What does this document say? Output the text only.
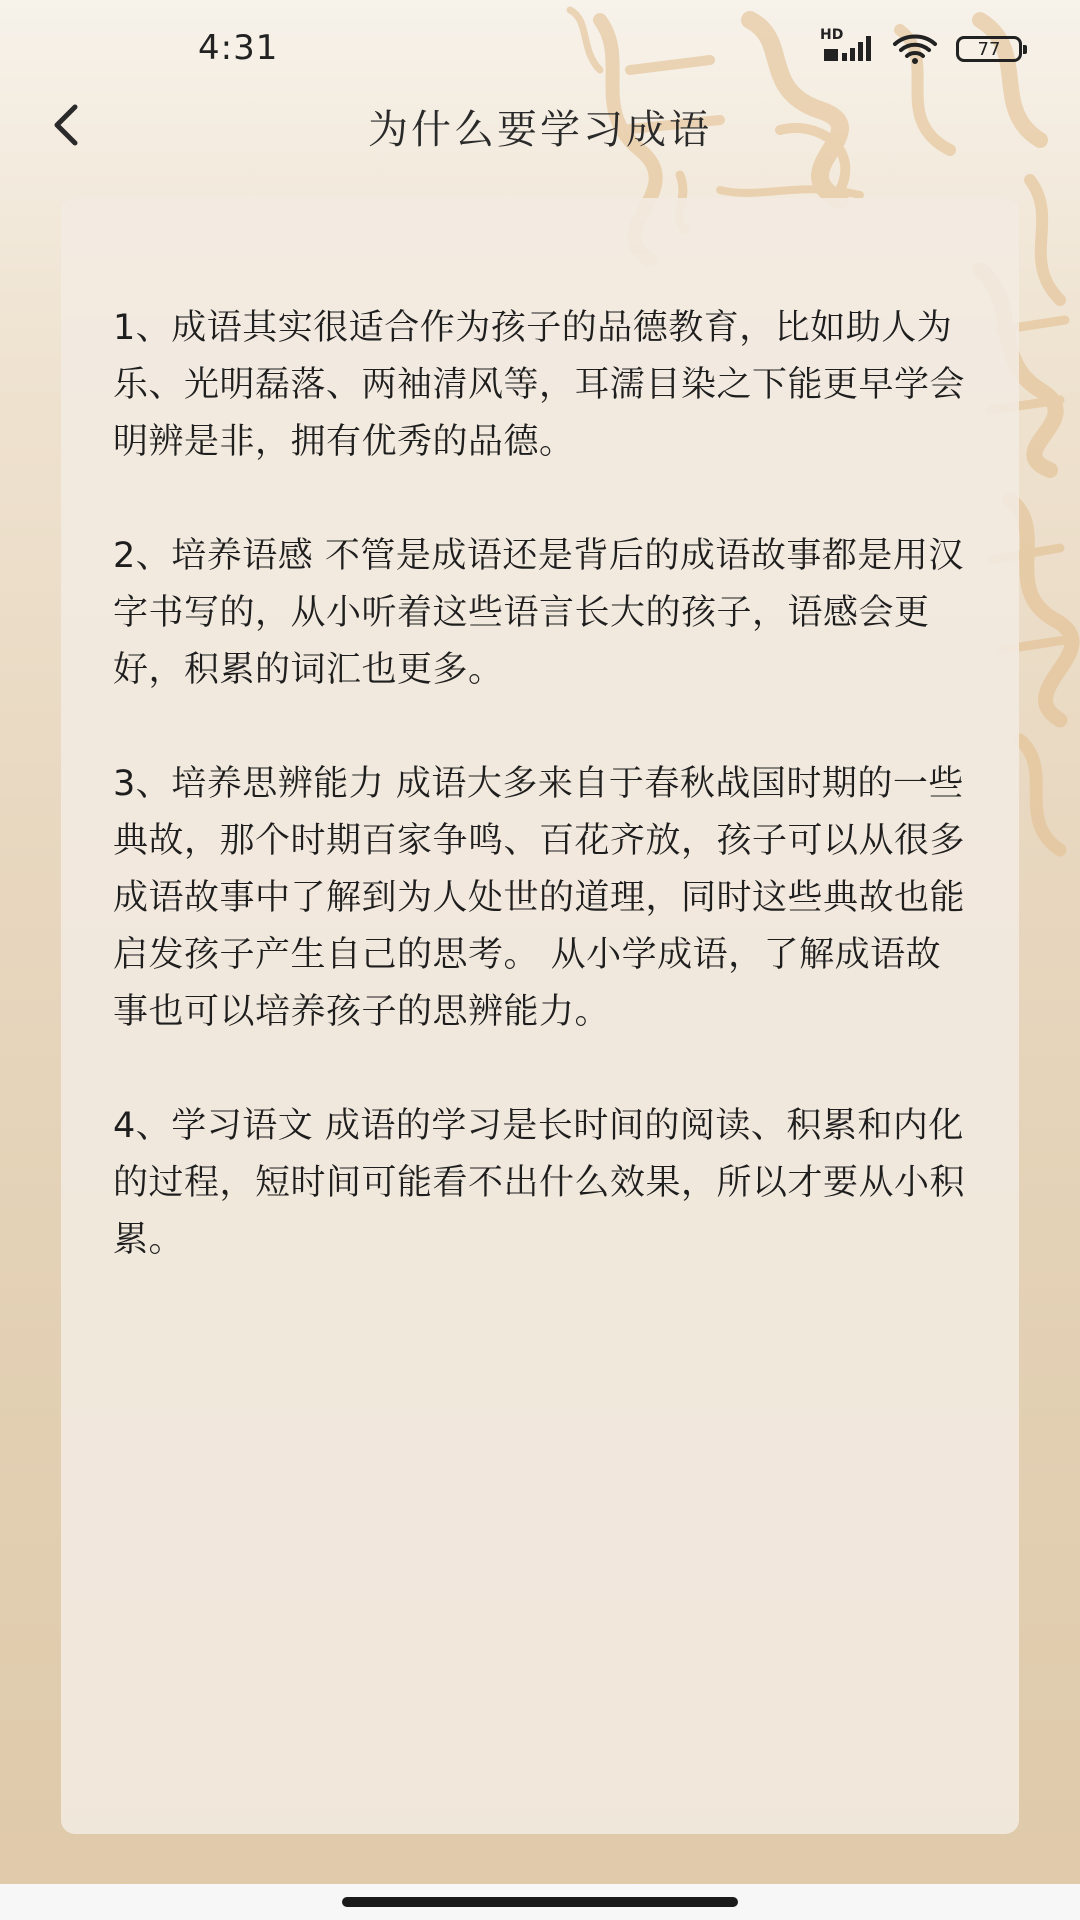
4:31	HD
77
为什么要学习成语

1、成语其实很适合作为孩子的品德教育，比如助人为乐、光明磊落、两袖清风等，耳濡目染之下能更早学会明辨是非，拥有优秀的品德。

2、培养语感 不管是成语还是背后的成语故事都是用汉字书写的，从小听着这些语言长大的孩子，语感会更好，积累的词汇也更多。

3、培养思辨能力 成语大多来自于春秋战国时期的一些典故，那个时期百家争鸣、百花齐放，孩子可以从很多成语故事中了解到为人处世的道理，同时这些典故也能启发孩子产生自己的思考。 从小学成语，了解成语故事也可以培养孩子的思辨能力。

4、学习语文 成语的学习是长时间的阅读、积累和内化的过程，短时间可能看不出什么效果，所以才要从小积累。
